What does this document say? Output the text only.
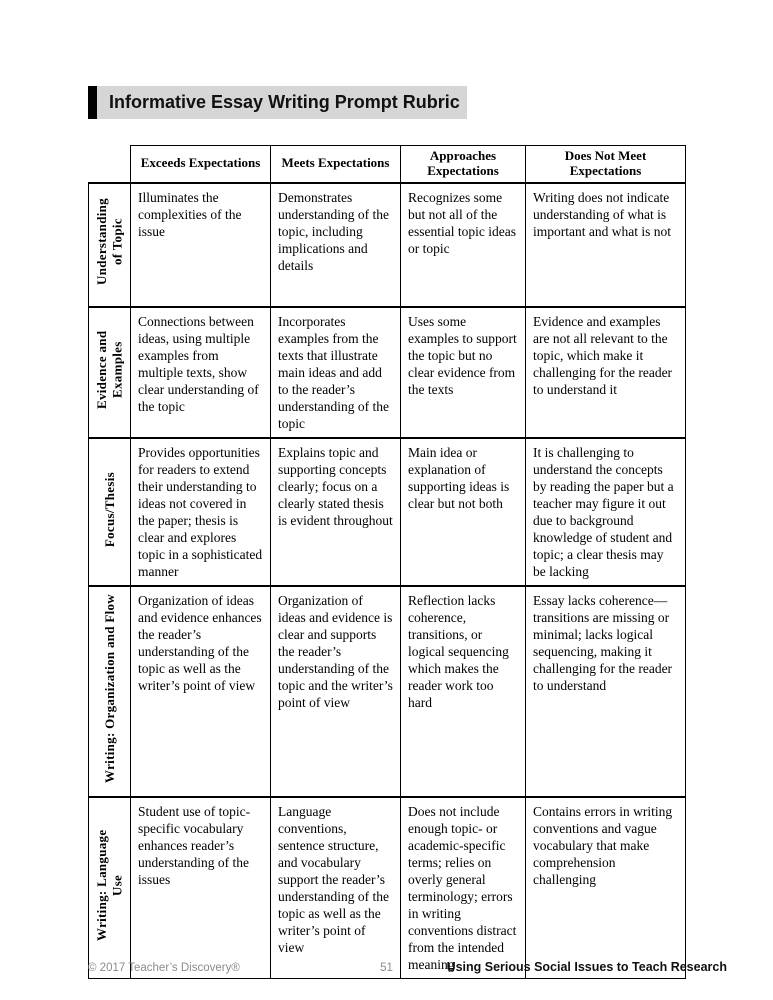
Informative Essay Writing Prompt Rubric
	Exceeds Expectations	Meets Expectations	Approaches Expectations	Does Not Meet Expectations
Understanding of Topic	Illuminates the complexities of the issue	Demonstrates understanding of the topic, including implications and details	Recognizes some but not all of the essential topic ideas or topic	Writing does not indicate understanding of what is important and what is not
Evidence and Examples	Connections between ideas, using multiple examples from multiple texts, show clear understanding of the topic	Incorporates examples from the texts that illustrate main ideas and add to the reader’s understanding of the topic	Uses some examples to support the topic but no clear evidence from the texts	Evidence and examples are not all relevant to the topic, which make it challenging for the reader to understand it
Focus/Thesis	Provides opportunities for readers to extend their understanding to ideas not covered in the paper; thesis is clear and explores topic in a sophisticated manner	Explains topic and supporting concepts clearly; focus on a clearly stated thesis is evident throughout	Main idea or explanation of supporting ideas is clear but not both	It is challenging to understand the concepts by reading the paper but a teacher may figure it out due to background knowledge of student and topic; a clear thesis may be lacking
Writing: Organization and Flow	Organization of ideas and evidence enhances the reader’s understanding of the topic as well as the writer’s point of view	Organization of ideas and evidence is clear and supports the reader’s understanding of the topic and the writer’s point of view	Reflection lacks coherence, transitions, or logical sequencing which makes the reader work too hard	Essay lacks coherence—transitions are missing or minimal; lacks logical sequencing, making it challenging for the reader to understand
Writing: Language Use	Student use of topic-specific vocabulary enhances reader’s understanding of the issues	Language conventions, sentence structure, and vocabulary support the reader’s understanding of the topic as well as the writer’s point of view	Does not include enough topic- or academic-specific terms; relies on overly general terminology; errors in writing conventions distract from the intended meaning	Contains errors in writing conventions and vague vocabulary that make comprehension challenging
© 2017 Teacher’s Discovery®	51	Using Serious Social Issues to Teach Research
